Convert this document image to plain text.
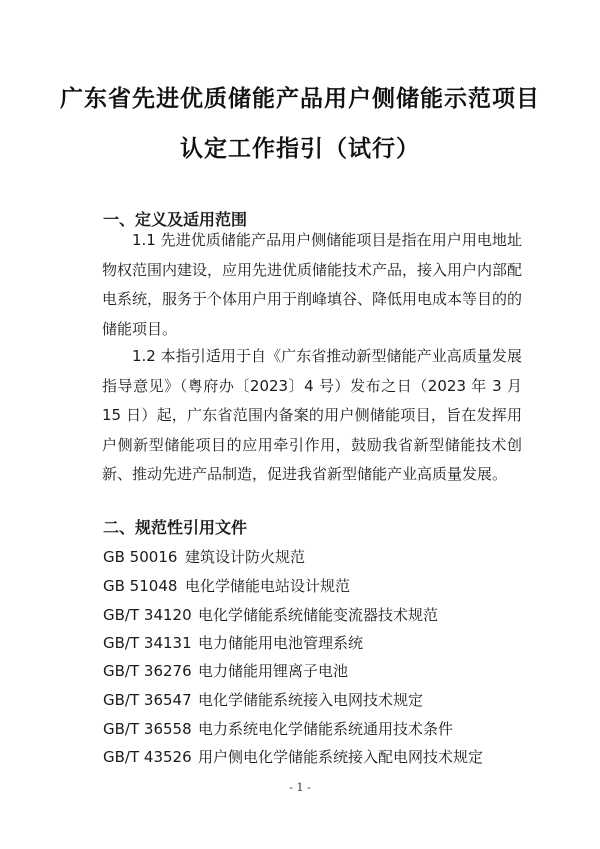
广东省先进优质储能产品用户侧储能示范项目
认定工作指引（试行）
一、定义及适用范围
1.1 先进优质储能产品用户侧储能项目是指在用户用电地址物权范围内建设，应用先进优质储能技术产品，接入用户内部配电系统，服务于个体用户用于削峰填谷、降低用电成本等目的的储能项目。
1.2 本指引适用于自《广东省推动新型储能产业高质量发展指导意见》（粤府办〔2023〕4 号）发布之日（2023 年 3 月 15 日）起，广东省范围内备案的用户侧储能项目，旨在发挥用户侧新型储能项目的应用牵引作用，鼓励我省新型储能技术创新、推动先进产品制造，促进我省新型储能产业高质量发展。
二、规范性引用文件
GB 50016 建筑设计防火规范
GB 51048 电化学储能电站设计规范
GB/T 34120 电化学储能系统储能变流器技术规范
GB/T 34131 电力储能用电池管理系统
GB/T 36276 电力储能用锂离子电池
GB/T 36547 电化学储能系统接入电网技术规定
GB/T 36558 电力系统电化学储能系统通用技术条件
GB/T 43526 用户侧电化学储能系统接入配电网技术规定
- 1 -
